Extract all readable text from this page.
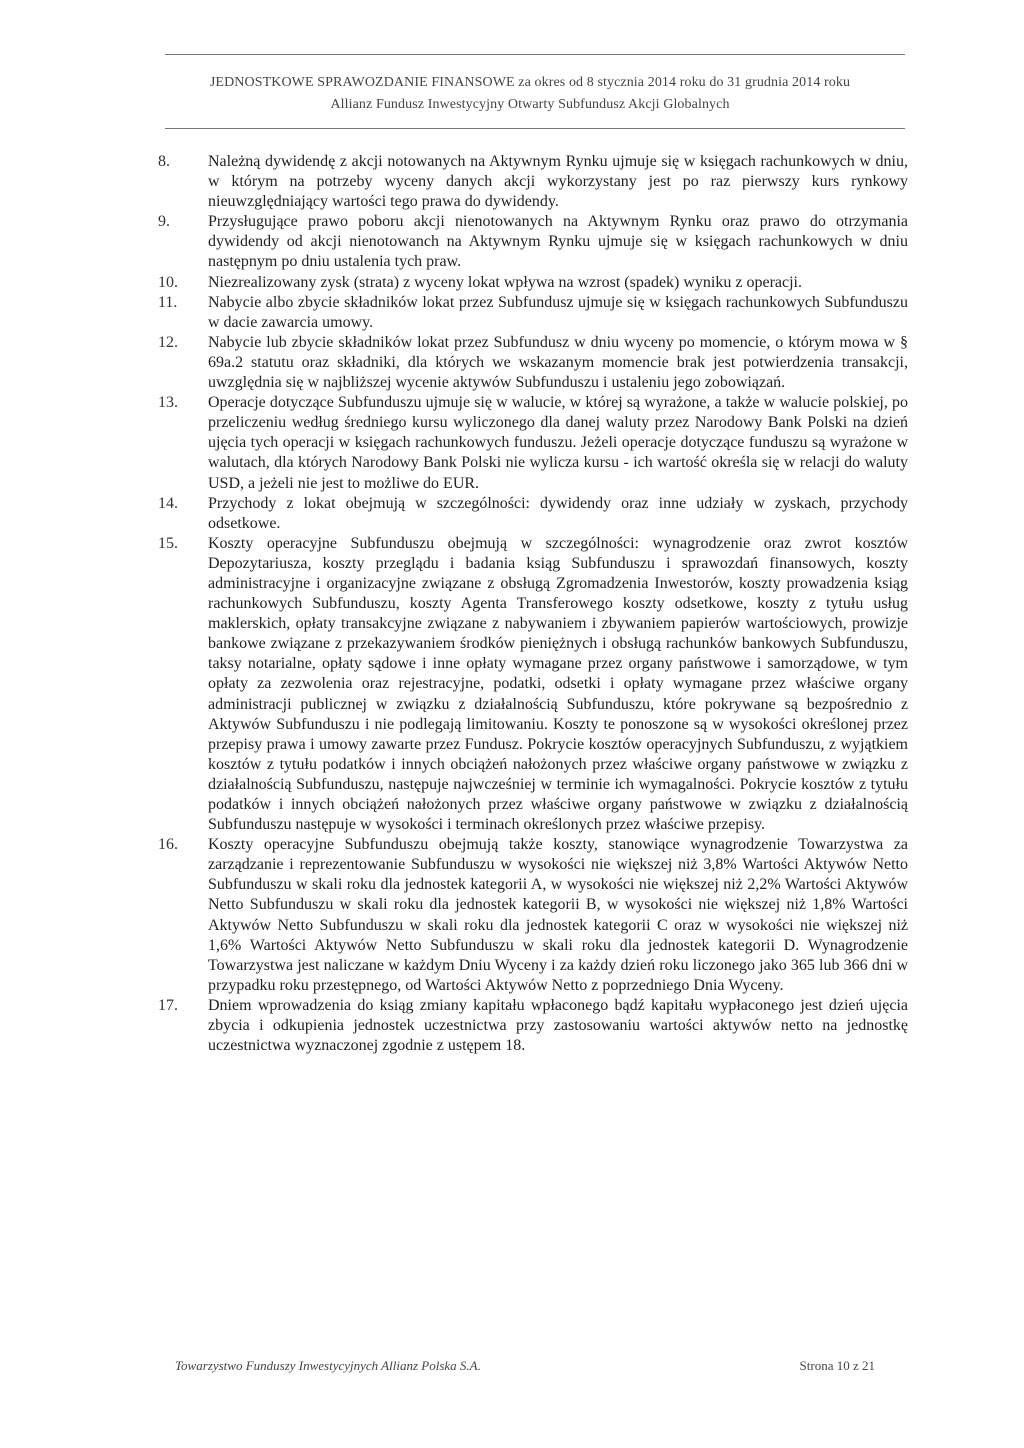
JEDNOSTKOWE SPRAWOZDANIE FINANSOWE za okres od 8 stycznia 2014 roku do 31 grudnia 2014 roku
Allianz Fundusz Inwestycyjny Otwarty Subfundusz Akcji Globalnych
8.	Należną dywidendę z akcji notowanych na Aktywnym Rynku ujmuje się w księgach rachunkowych w dniu, w którym na potrzeby wyceny danych akcji wykorzystany jest po raz pierwszy kurs rynkowy nieuwzględniający wartości tego prawa do dywidendy.
9.	Przysługujące prawo poboru akcji nienotowanych na Aktywnym Rynku oraz prawo do otrzymania dywidendy od akcji nienotowanch na Aktywnym Rynku ujmuje się w księgach rachunkowych w dniu następnym po dniu ustalenia tych praw.
10.	Niezrealizowany zysk (strata) z wyceny lokat wpływa na wzrost (spadek) wyniku z operacji.
11.	Nabycie albo zbycie składników lokat przez Subfundusz ujmuje się w księgach rachunkowych Subfunduszu w dacie zawarcia umowy.
12.	Nabycie lub zbycie składników lokat przez Subfundusz w dniu wyceny po momencie, o którym mowa w § 69a.2 statutu oraz składniki, dla których we wskazanym momencie brak jest potwierdzenia transakcji, uwzględnia się w najbliższej wycenie aktywów Subfunduszu i ustaleniu jego zobowiązań.
13.	Operacje dotyczące Subfunduszu ujmuje się w walucie, w której są wyrażone, a także w walucie polskiej, po przeliczeniu według średniego kursu wyliczonego dla danej waluty przez Narodowy Bank Polski na dzień ujęcia tych operacji w księgach rachunkowych funduszu. Jeżeli operacje dotyczące funduszu są wyrażone w walutach, dla których Narodowy Bank Polski nie wylicza kursu - ich wartość określa się w relacji do waluty USD, a jeżeli nie jest to możliwe do EUR.
14.	Przychody z lokat obejmują w szczególności: dywidendy oraz inne udziały w zyskach, przychody odsetkowe.
15.	Koszty operacyjne Subfunduszu obejmują w szczególności: wynagrodzenie oraz zwrot kosztów Depozytariusza, koszty przeglądu i badania ksiąg Subfunduszu i sprawozdań finansowych, koszty administracyjne i organizacyjne związane z obsługą Zgromadzenia Inwestorów, koszty prowadzenia ksiąg rachunkowych Subfunduszu, koszty Agenta Transferowego koszty odsetkowe, koszty z tytułu usług maklerskich, opłaty transakcyjne związane z nabywaniem i zbywaniem papierów wartościowych, prowizje bankowe związane z przekazywaniem środków pieniężnych i obsługą rachunków bankowych Subfunduszu, taksy notarialne, opłaty sądowe i inne opłaty wymagane przez organy państwowe i samorządowe, w tym opłaty za zezwolenia oraz rejestracyjne, podatki, odsetki i opłaty wymagane przez właściwe organy administracji publicznej w związku z działalnością Subfunduszu, które pokrywane są bezpośrednio z Aktywów Subfunduszu i nie podlegają limitowaniu. Koszty te ponoszone są w wysokości określonej przez przepisy prawa i umowy zawarte przez Fundusz. Pokrycie kosztów operacyjnych Subfunduszu, z wyjątkiem kosztów z tytułu podatków i innych obciążeń nałożonych przez właściwe organy państwowe w związku z działalnością Subfunduszu, następuje najwcześniej w terminie ich wymagalności. Pokrycie kosztów z tytułu podatków i innych obciążeń nałożonych przez właściwe organy państwowe w związku z działalnością Subfunduszu następuje w wysokości i terminach określonych przez właściwe przepisy.
16.	Koszty operacyjne Subfunduszu obejmują także koszty, stanowiące wynagrodzenie Towarzystwa za zarządzanie i reprezentowanie Subfunduszu w wysokości nie większej niż 3,8% Wartości Aktywów Netto Subfunduszu w skali roku dla jednostek kategorii A, w wysokości nie większej niż 2,2% Wartości Aktywów Netto Subfunduszu w skali roku dla jednostek kategorii B, w wysokości nie większej niż 1,8% Wartości Aktywów Netto Subfunduszu w skali roku dla jednostek kategorii C oraz w wysokości nie większej niż 1,6% Wartości Aktywów Netto Subfunduszu w skali roku dla jednostek kategorii D. Wynagrodzenie Towarzystwa jest naliczane w każdym Dniu Wyceny i za każdy dzień roku liczonego jako 365 lub 366 dni w przypadku roku przestępnego, od Wartości Aktywów Netto z poprzedniego Dnia Wyceny.
17.	Dniem wprowadzenia do ksiąg zmiany kapitału wpłaconego bądź kapitału wypłaconego jest dzień ujęcia zbycia i odkupienia jednostek uczestnictwa przy zastosowaniu wartości aktywów netto na jednostkę uczestnictwa wyznaczonej zgodnie z ustępem 18.
Towarzystwo Funduszy Inwestycyjnych Allianz Polska S.A.	Strona 10 z 21
